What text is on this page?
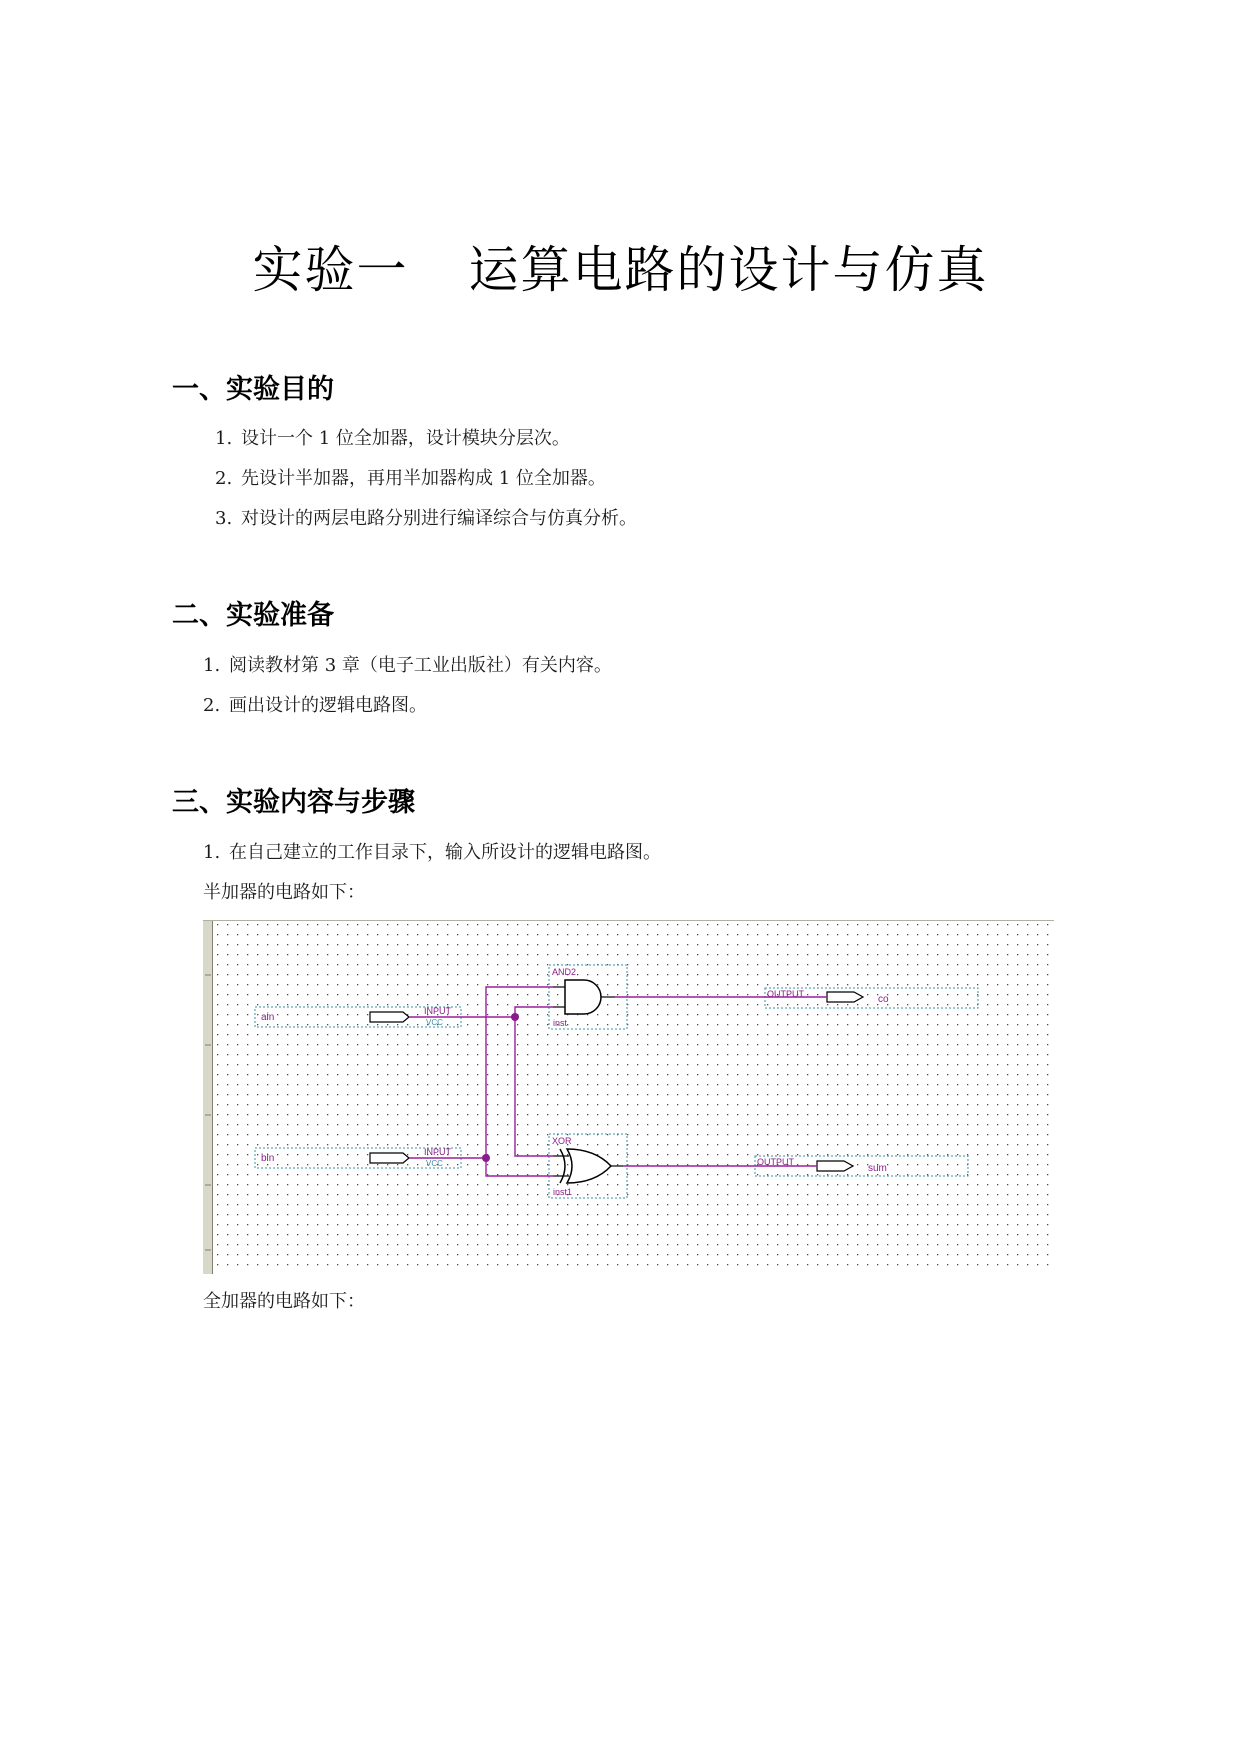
实验一 运算电路的设计与仿真
一、实验目的
1. 设计一个 1 位全加器，设计模块分层次。
2. 先设计半加器，再用半加器构成 1 位全加器。
3. 对设计的两层电路分别进行编译综合与仿真分析。
二、实验准备
1. 阅读教材第 3 章（电子工业出版社）有关内容。
2. 画出设计的逻辑电路图。
三、实验内容与步骤
1. 在自己建立的工作目录下，输入所设计的逻辑电路图。
半加器的电路如下：
ain
INPUT
VCC
bin
INPUT
VCC
AND2
inst
XOR
inst1
OUTPUT	co
OUTPUT
sum
全加器的电路如下：
